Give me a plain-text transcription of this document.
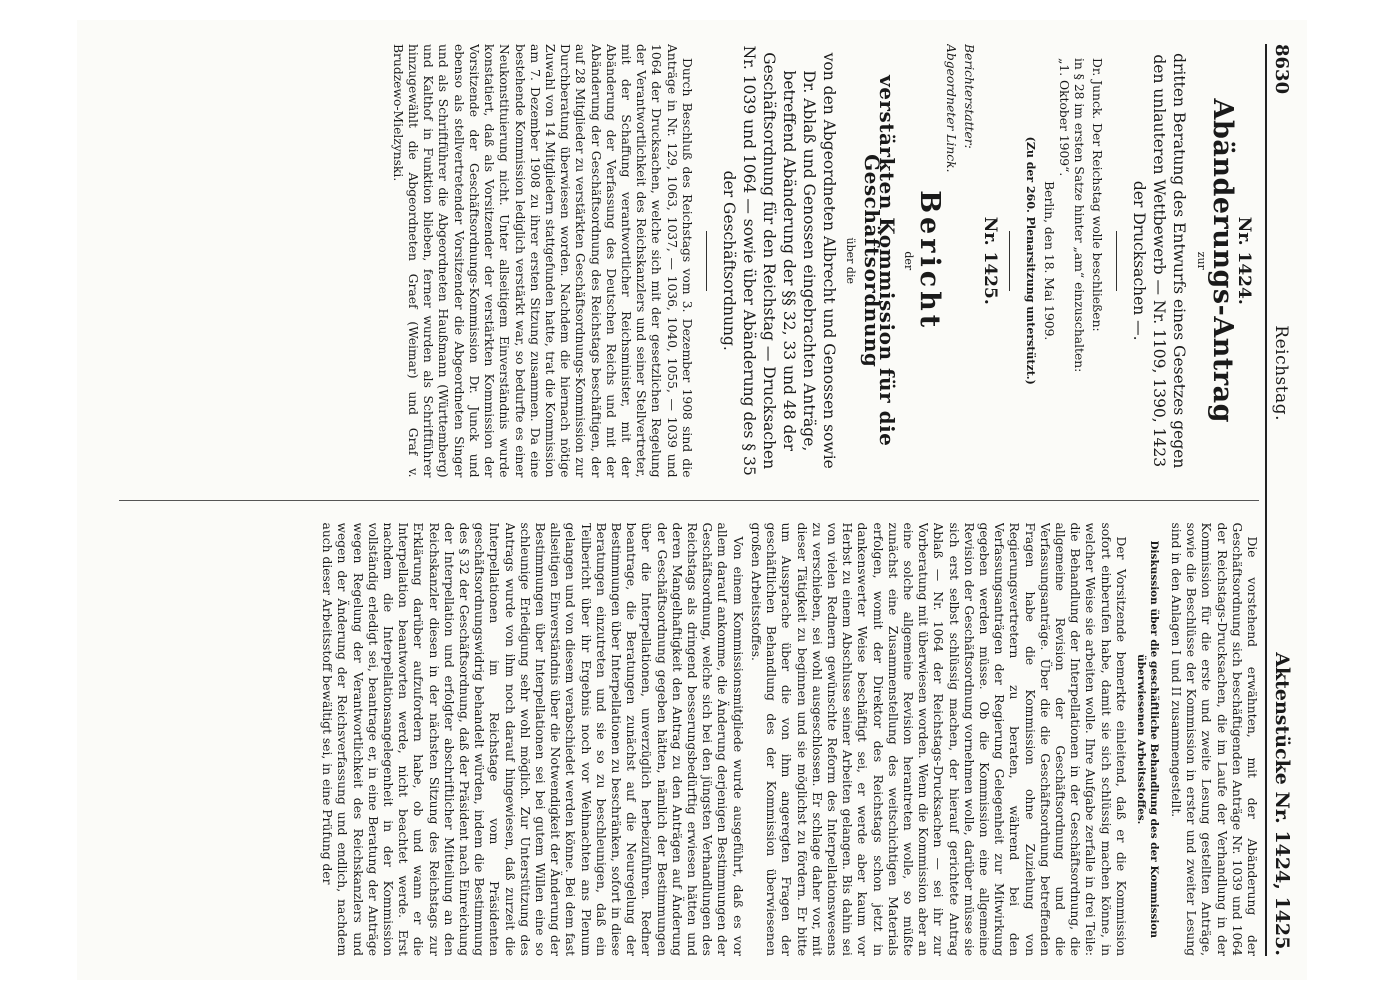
8630
Reichstag.
Aktenstücke Nr. 1424, 1425.
Nr. 1424.
Abänderungs-Antrag
zur
dritten Beratung des Entwurfs eines Gesetzes gegen den unlauteren Wettbewerb — Nr. 1109, 1390, 1423 der Drucksachen —.

Dr. Junck. Der Reichstag wolle beschließen:

in § 28 im ersten Satze hinter „am“ einzuschalten:
„1. Oktober 1909“.

Berlin, den 18. Mai 1909.

(Zu der 260. Plenarsitzung unterstützt.)

Nr. 1425.

Berichterstatter:

Abgeordneter Linck.

Bericht
der
verstärkten Kommission für die Geschäftsordnung
über die
von den Abgeordneten Albrecht und Genossen sowie Dr. Ablaß und Genossen eingebrachten Anträge, betreffend Abänderung der §§ 32, 33 und 48 der Geschäftsordnung für den Reichstag — Drucksachen Nr. 1039 und 1064 — sowie über Abänderung des § 35 der Geschäftsordnung.

Durch Beschluß des Reichstags vom 3. Dezember 1908 sind die Anträge in Nr. 129, 1063, 1037, — 1036, 1040, 1055, — 1039 und 1064 der Drucksachen, welche sich mit der gesetzlichen Regelung der Verantwortlichkeit des Reichskanzlers und seiner Stellvertreter, mit der Schaffung verantwortlicher Reichsminister, mit der Abänderung der Verfassung des Deutschen Reichs und mit der Abänderung der Geschäftsordnung des Reichstags beschäftigen, der auf 28 Mitglieder zu verstärkten Geschäftsordnungs-Kommission zur Durchberatung überwiesen worden. Nachdem die hiernach nötige Zuwahl von 14 Mitgliedern stattgefunden hatte, trat die Kommission am 7. Dezember 1908 zu ihrer ersten Sitzung zusammen. Da eine bestehende Kommission lediglich verstärkt war, so bedurfte es einer Neukonstituierung nicht. Unter allseitigem Einverständnis wurde konstatiert, daß als Vorsitzender der verstärkten Kommission der Vorsitzende der Geschäftsordnungs-Kommission Dr. Junck und ebenso als stellvertretender Vorsitzender die Abgeordneten Singer und als Schriftführer die Abgeordneten Haußmann (Württemberg) und Kalthof in Funktion blieben, ferner wurden als Schriftführer hinzugewählt die Abgeordneten Graef (Weimar) und Graf v. Brudzewo-Mielzynski.

Die vorstehend erwähnten, mit der Abänderung der Geschäftsordnung sich beschäftigenden Anträge Nr. 1039 und 1064 der Reichstags-Drucksachen, die im Laufe der Verhandlung in der Kommission für die erste und zweite Lesung gestellten Anträge, sowie die Beschlüsse der Kommission in erster und zweiter Lesung sind in den Anlagen I und II zusammengestellt.

Diskussion über die geschäftliche Behandlung des der Kommission überwiesenen Arbeitsstoffes.

Der Vorsitzende bemerkte einleitend, daß er die Kommission sofort einberufen habe, damit sie sich schlüssig machen könne, in welcher Weise sie arbeiten wolle. Ihre Aufgabe zerfalle in drei Teile: die Behandlung der Interpellationen in der Geschäftsordnung, die allgemeine Revision der Geschäftsordnung und die Verfassungsanträge. Über die die Geschäftsordnung betreffenden Fragen habe die Kommission ohne Zuziehung von Regierungsvertretern zu beraten, während bei den Verfassungsanträgen der Regierung Gelegenheit zur Mitwirkung gegeben werden müsse. Ob die Kommission eine allgemeine Revision der Geschäftsordnung vornehmen wolle, darüber müsse sie sich erst selbst schlüssig machen, der hierauf gerichtete Antrag Ablaß — Nr. 1064 der Reichstags-Drucksachen — sei ihr zur Vorberatung mit überwiesen worden. Wenn die Kommission aber an eine solche allgemeine Revision herantreten wolle, so müßte zunächst eine Zusammenstellung des weitschichtigen Materials erfolgen, womit der Direktor des Reichstags schon jetzt in dankenswerter Weise beschäftigt sei, er werde aber kaum vor Herbst zu einem Abschlusse seiner Arbeiten gelangen. Bis dahin sei von vielen Rednern gewünschte Reform des Interpellationswesens zu verschieben, sei wohl ausgeschlossen. Er schlage daher vor, mit dieser Tätigkeit zu beginnen und sie möglichst zu fördern. Er bitte um Aussprache über die von ihm angeregten Fragen der geschäftlichen Behandlung des der Kommission überwiesenen großen Arbeitsstoffes.

Von einem Kommissionsmitgliede wurde ausgeführt, daß es vor allem darauf ankomme, die Änderung derjenigen Bestimmungen der Geschäftsordnung, welche sich bei den jüngsten Verhandlungen des Reichstags als dringend besserungsbedürftig erwiesen hätten und deren Mangelhaftigkeit den Antrag zu den Anträgen auf Änderung der Geschäftsordnung gegeben hätten, nämlich der Bestimmungen über die Interpellationen, unverzüglich herbeizuführen. Redner beantrage, die Beratungen zunächst auf die Neuregelung der Bestimmungen über Interpellationen zu beschränken, sofort in diese Beratungen einzutreten und sie so zu beschleunigen, daß ein Teilbericht über ihr Ergebnis noch vor Weihnachten ans Plenum gelangen und von diesem verabschiedet werden könne. Bei dem fast allseitigen Einverständnis über die Notwendigkeit der Änderung der Bestimmungen über Interpellationen sei bei gutem Willen eine so schleunige Erledigung sehr wohl möglich. Zur Unterstützung des Antrags wurde von ihm noch darauf hingewiesen, daß zurzeit die Interpellationen im Reichstage vom Präsidenten geschäftsordnungswidrig behandelt würden, indem die Bestimmung des § 32 der Geschäftsordnung, daß der Präsident nach Einreichung der Interpellation und erfolgter abschriftlicher Mitteilung an den Reichskanzler diesen in der nächsten Sitzung des Reichstags zur Erklärung darüber aufzufordern habe, ob und wann er die Interpellation beantworten werde, nicht beachtet werde. Erst nachdem die Interpellationsangelegenheit in der Kommission vollständig erledigt sei, beantrage er, in eine Beratung der Anträge wegen Regelung der Verantwortlichkeit des Reichskanzlers und wegen der Änderung der Reichsverfassung und endlich, nachdem auch dieser Arbeitsstoff bewältigt sei, in eine Prüfung der
